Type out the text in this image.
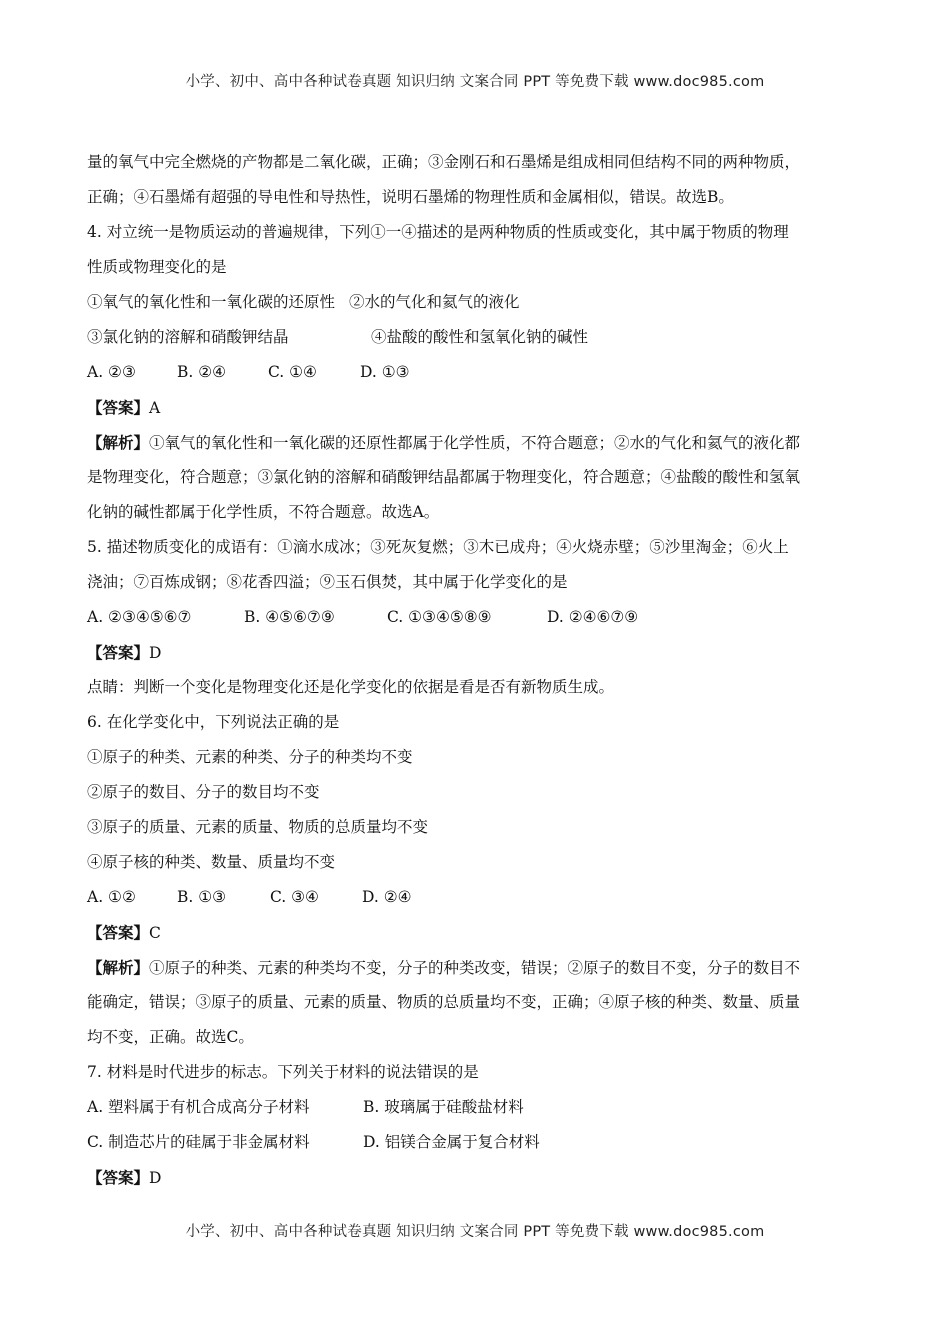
小学、初中、高中各种试卷真题 知识归纳 文案合同 PPT 等免费下载 www.doc985.com
量的氧气中完全燃烧的产物都是二氧化碳，正确；③金刚石和石墨烯是组成相同但结构不同的两种物质，
正确；④石墨烯有超强的导电性和导热性，说明石墨烯的物理性质和金属相似，错误。故选B。
4. 对立统一是物质运动的普遍规律，下列①一④描述的是两种物质的性质或变化，其中属于物质的物理
性质或物理变化的是
①氧气的氧化性和一氧化碳的还原性 ②水的气化和氦气的液化
③氯化钠的溶解和硝酸钾结晶	④盐酸的酸性和氢氧化钠的碱性
A. ②③	B. ②④	C. ①④	D. ①③
【答案】A
【解析】①氧气的氧化性和一氧化碳的还原性都属于化学性质，不符合题意；②水的气化和氦气的液化都
是物理变化，符合题意；③氯化钠的溶解和硝酸钾结晶都属于物理变化，符合题意；④盐酸的酸性和氢氧
化钠的碱性都属于化学性质，不符合题意。故选A。
5. 描述物质变化的成语有：①滴水成冰；③死灰复燃；③木已成舟；④火烧赤壁；⑤沙里淘金；⑥火上
浇油；⑦百炼成钢；⑧花香四溢；⑨玉石俱焚，其中属于化学变化的是
A. ②③④⑤⑥⑦	B. ④⑤⑥⑦⑨	C. ①③④⑤⑧⑨	D. ②④⑥⑦⑨
【答案】D
点睛：判断一个变化是物理变化还是化学变化的依据是看是否有新物质生成。
6. 在化学变化中，下列说法正确的是
①原子的种类、元素的种类、分子的种类均不变
②原子的数目、分子的数目均不变
③原子的质量、元素的质量、物质的总质量均不变
④原子核的种类、数量、质量均不变
A. ①②	B. ①③	C. ③④	D. ②④
【答案】C
【解析】①原子的种类、元素的种类均不变，分子的种类改变，错误；②原子的数目不变，分子的数目不
能确定，错误；③原子的质量、元素的质量、物质的总质量均不变，正确；④原子核的种类、数量、质量
均不变，正确。故选C。
7. 材料是时代进步的标志。下列关于材料的说法错误的是
A. 塑料属于有机合成高分子材料	B. 玻璃属于硅酸盐材料
C. 制造芯片的硅属于非金属材料	D. 铝镁合金属于复合材料
【答案】D
小学、初中、高中各种试卷真题 知识归纳 文案合同 PPT 等免费下载 www.doc985.com
